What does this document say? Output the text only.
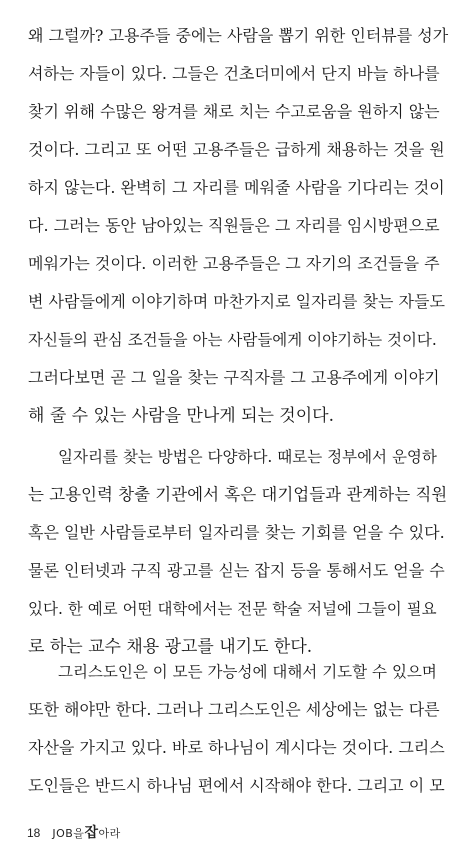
왜 그럴까? 고용주들 중에는 사람을 뽑기 위한 인터뷰를 성가
셔하는 자들이 있다. 그들은 건초더미에서 단지 바늘 하나를
찾기 위해 수많은 왕겨를 채로 치는 수고로움을 원하지 않는
것이다. 그리고 또 어떤 고용주들은 급하게 채용하는 것을 원
하지 않는다. 완벽히 그 자리를 메워줄 사람을 기다리는 것이
다. 그러는 동안 남아있는 직원들은 그 자리를 임시방편으로
메워가는 것이다. 이러한 고용주들은 그 자기의 조건들을 주
변 사람들에게 이야기하며 마찬가지로 일자리를 찾는 자들도
자신들의 관심 조건들을 아는 사람들에게 이야기하는 것이다.
그러다보면 곧 그 일을 찾는 구직자를 그 고용주에게 이야기
해 줄 수 있는 사람을 만나게 되는 것이다.
일자리를 찾는 방법은 다양하다. 때로는 정부에서 운영하
는 고용인력 창출 기관에서 혹은 대기업들과 관계하는 직원
혹은 일반 사람들로부터 일자리를 찾는 기회를 얻을 수 있다.
물론 인터넷과 구직 광고를 싣는 잡지 등을 통해서도 얻을 수
있다. 한 예로 어떤 대학에서는 전문 학술 저널에 그들이 필요
로 하는 교수 채용 광고를 내기도 한다.
그리스도인은 이 모든 가능성에 대해서 기도할 수 있으며
또한 해야만 한다. 그러나 그리스도인은 세상에는 없는 다른
자산을 가지고 있다. 바로 하나님이 계시다는 것이다. 그리스
도인들은 반드시 하나님 편에서 시작해야 한다. 그리고 이 모
18 JOB을잡아라
